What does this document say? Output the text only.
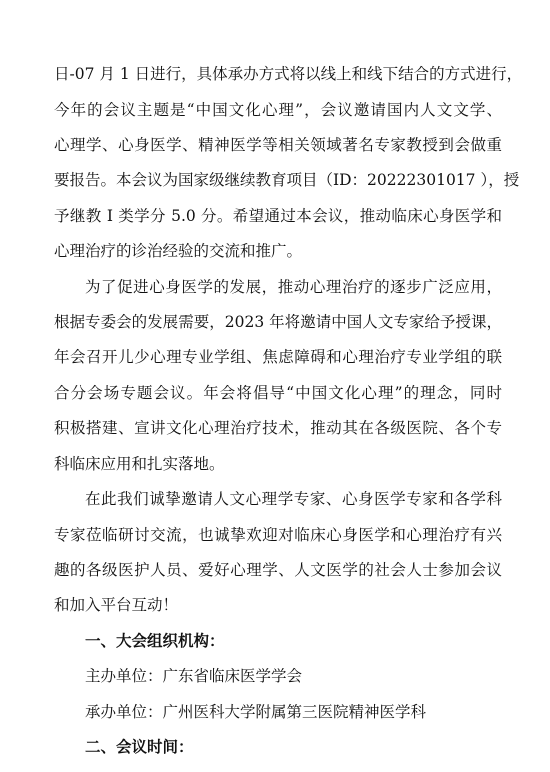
日-07 月 1 日进行，具体承办方式将以线上和线下结合的方式进行，
今年的会议主题是“中国文化心理”，会议邀请国内人文文学、
心理学、心身医学、精神医学等相关领域著名专家教授到会做重
要报告。本会议为国家级继续教育项目（ID：20222301017 ），授
予继教 I 类学分 5.0 分。希望通过本会议，推动临床心身医学和
心理治疗的诊治经验的交流和推广。
为了促进心身医学的发展，推动心理治疗的逐步广泛应用，
根据专委会的发展需要，2023 年将邀请中国人文专家给予授课，
年会召开儿少心理专业学组、焦虑障碍和心理治疗专业学组的联
合分会场专题会议。年会将倡导“中国文化心理”的理念，同时
积极搭建、宣讲文化心理治疗技术，推动其在各级医院、各个专
科临床应用和扎实落地。
在此我们诚挚邀请人文心理学专家、心身医学专家和各学科
专家莅临研讨交流，也诚挚欢迎对临床心身医学和心理治疗有兴
趣的各级医护人员、爱好心理学、人文医学的社会人士参加会议
和加入平台互动！
一、大会组织机构：
主办单位：广东省临床医学学会
承办单位：广州医科大学附属第三医院精神医学科
二、会议时间：
